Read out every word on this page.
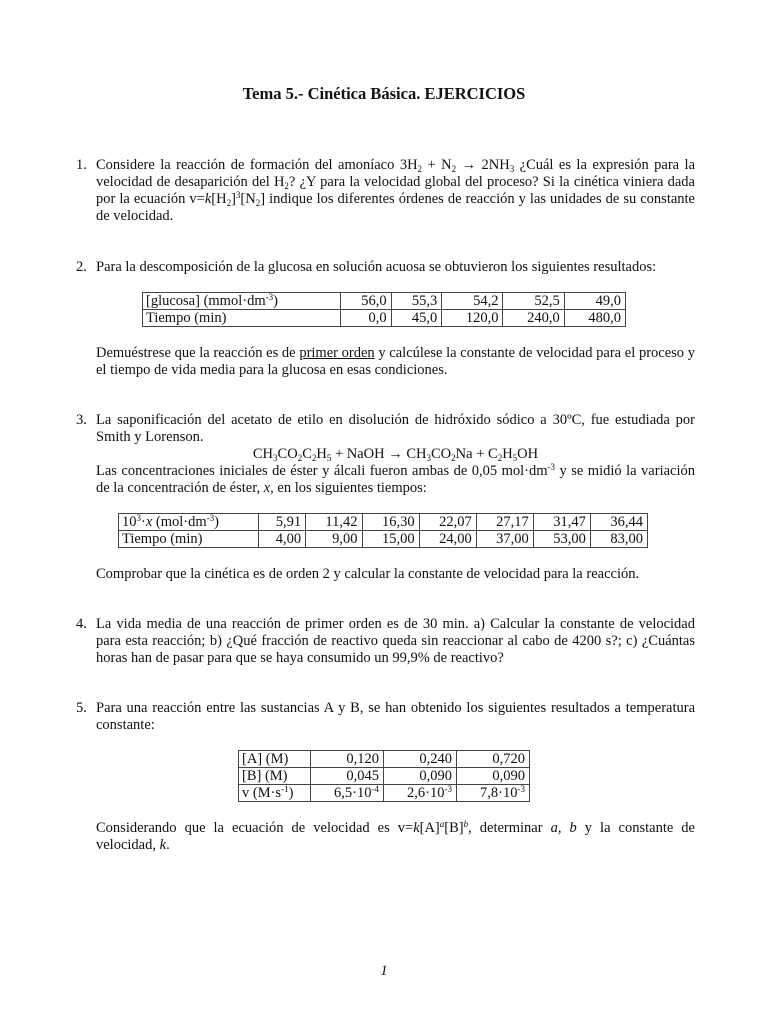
Tema 5.- Cinética Básica. EJERCICIOS
1. Considere la reacción de formación del amoníaco $3H_2 + N_2 \to 2NH_3$ ¿Cuál es la expresión para la velocidad de desaparición del $H_2$? ¿Y para la velocidad global del proceso? Si la cinética viniera dada por la ecuación $v=k[H_2]^3[N_2]$ indique los diferentes órdenes de reacción y las unidades de su constante de velocidad.
2. Para la descomposición de la glucosa en solución acuosa se obtuvieron los siguientes resultados:
[glucosa] $(mmol\cdot dm^{-3})$	56,0	55,3	54,2	52,5	49,0
Tiempo (min)	0,0	45,0	120,0	240,0	480,0
Demuéstrese que la reacción es de primer orden y calcúlese la constante de velocidad para el proceso y el tiempo de vida media para la glucosa en esas condiciones.
3. La saponificación del acetato de etilo en disolución de hidróxido sódico a 30ºC, fue estudiada por Smith y Lorenson.
$CH_3CO_2C_2H_5$ + NaOH → $CH_3CO_2Na + C_2H_5OH$
Las concentraciones iniciales de éster y álcali fueron ambas de 0,05 $mol\cdot dm^{-3}$ y se midió la variación de la concentración de éster, x, en los siguientes tiempos:
$10^3\cdot x$ $(mol\cdot dm^{-3})$	5,91	11,42	16,30	22,07	27,17	31,47	36,44
Tiempo (min)	4,00	9,00	15,00	24,00	37,00	53,00	83,00
Comprobar que la cinética es de orden 2 y calcular la constante de velocidad para la reacción.
4. La vida media de una reacción de primer orden es de 30 min. a) Calcular la constante de velocidad para esta reacción; b) ¿Qué fracción de reactivo queda sin reaccionar al cabo de 4200 s?; c) ¿Cuántas horas han de pasar para que se haya consumido un 99,9% de reactivo?
5. Para una reacción entre las sustancias A y B, se han obtenido los siguientes resultados a temperatura constante:
[A] (M)	0,120	0,240	0,720
[B] (M)	0,045	0,090	0,090
v $(M\cdot s^{-1})$	$6,5\cdot 10^{-4}$	$2,6\cdot 10^{-3}$	$7,8\cdot 10^{-3}$
Considerando que la ecuación de velocidad es $v=k[A]^a[B]^b$, determinar a, b y la constante de velocidad, k.
1
